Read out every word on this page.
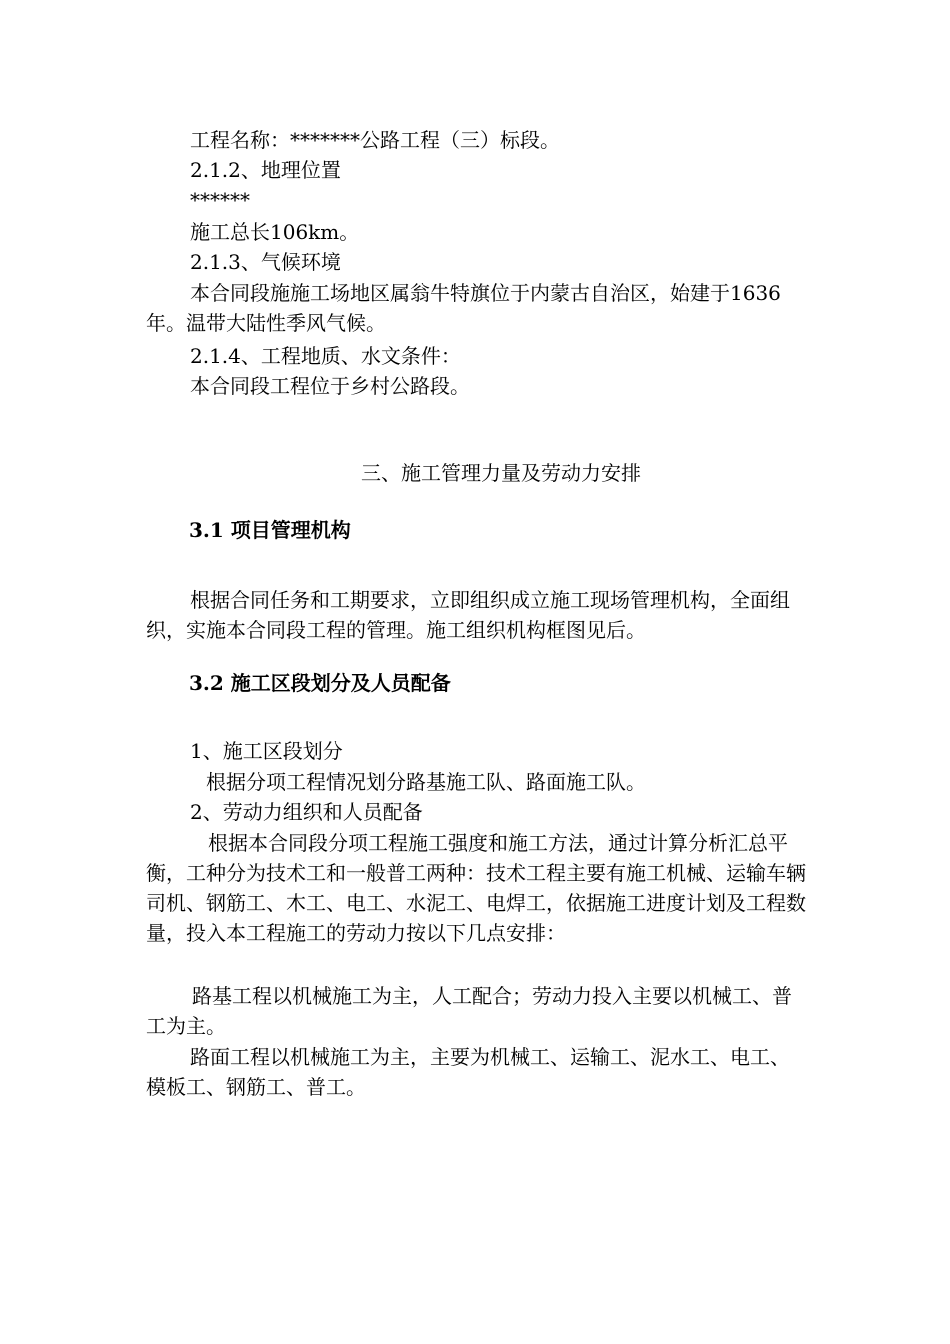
工程名称：*******公路工程（三）标段。
2.1.2、地理位置
******
施工总长106km。
2.1.3、气候环境
本合同段施施工场地区属翁牛特旗位于内蒙古自治区，始建于1636年。温带大陆性季风气候。
2.1.4、工程地质、水文条件：
本合同段工程位于乡村公路段。
三、施工管理力量及劳动力安排
3.1 项目管理机构
根据合同任务和工期要求，立即组织成立施工现场管理机构，全面组织，实施本合同段工程的管理。施工组织机构框图见后。
3.2 施工区段划分及人员配备
1、施工区段划分
根据分项工程情况划分路基施工队、路面施工队。
2、劳动力组织和人员配备
根据本合同段分项工程施工强度和施工方法，通过计算分析汇总平衡，工种分为技术工和一般普工两种：技术工程主要有施工机械、运输车辆司机、钢筋工、木工、电工、水泥工、电焊工，依据施工进度计划及工程数量，投入本工程施工的劳动力按以下几点安排：
路基工程以机械施工为主，人工配合；劳动力投入主要以机械工、普工为主。
路面工程以机械施工为主，主要为机械工、运输工、泥水工、电工、模板工、钢筋工、普工。
